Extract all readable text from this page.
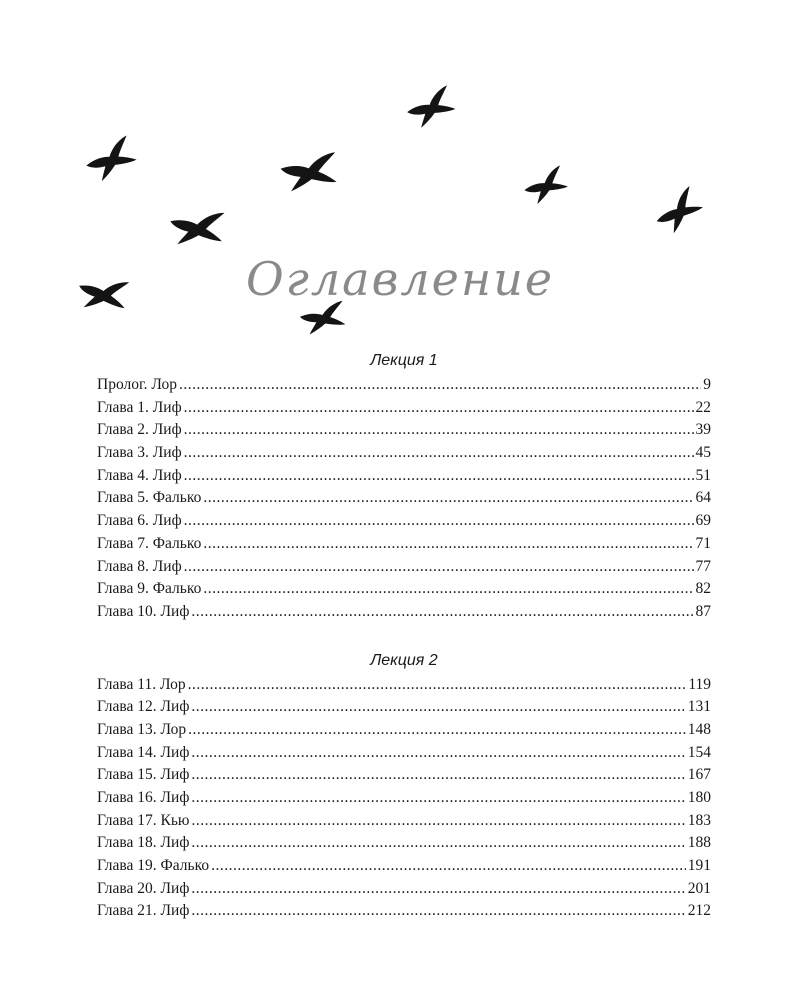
Оглавление
Лекция 1
Пролог. Лор .....	9
Глава 1. Лиф .....	22
Глава 2. Лиф .....	39
Глава 3. Лиф .....	45
Глава 4. Лиф .....	51
Глава 5. Фалько .....	64
Глава 6. Лиф .....	69
Глава 7. Фалько .....	71
Глава 8. Лиф .....	77
Глава 9. Фалько .....	82
Глава 10. Лиф .....	87
Лекция 2
Глава 11. Лор .....	119
Глава 12. Лиф .....	131
Глава 13. Лор .....	148
Глава 14. Лиф .....	154
Глава 15. Лиф .....	167
Глава 16. Лиф .....	180
Глава 17. Кью .....	183
Глава 18. Лиф .....	188
Глава 19. Фалько .....	191
Глава 20. Лиф .....	201
Глава 21. Лиф .....	212
